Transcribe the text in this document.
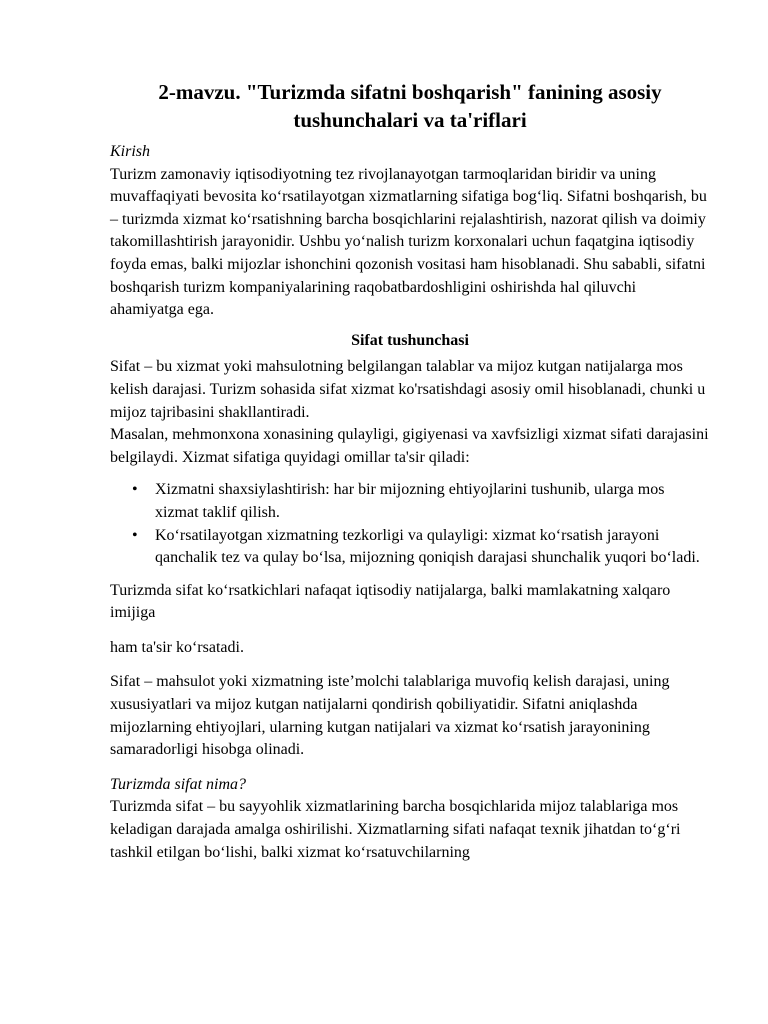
2-mavzu. "Turizmda sifatni boshqarish" fanining asosiy
tushunchalari va ta'riflari

Kirish

Turizm zamonaviy iqtisodiyotning tez rivojlanayotgan tarmoqlaridan biridir va uning muvaffaqiyati bevosita ko‘rsatilayotgan xizmatlarning sifatiga bog‘liq. Sifatni boshqarish, bu – turizmda xizmat ko‘rsatishning barcha bosqichlarini rejalashtirish, nazorat qilish va doimiy takomillashtirish jarayonidir. Ushbu yo‘nalish turizm korxonalari uchun faqatgina iqtisodiy foyda emas, balki mijozlar ishonchini qozonish vositasi ham hisoblanadi. Shu sababli, sifatni boshqarish turizm kompaniyalarining raqobatbardoshligini oshirishda hal qiluvchi ahamiyatga ega.

Sifat tushunchasi

Sifat – bu xizmat yoki mahsulotning belgilangan talablar va mijoz kutgan natijalarga mos kelish darajasi. Turizm sohasida sifat xizmat ko'rsatishdagi asosiy omil hisoblanadi, chunki u mijoz tajribasini shakllantiradi.

Masalan, mehmonxona xonasining qulayligi, gigiyenasi va xavfsizligi xizmat sifati darajasini belgilaydi. Xizmat sifatiga quyidagi omillar ta'sir qiladi:

• Xizmatni shaxsiylashtirish: har bir mijozning ehtiyojlarini tushunib, ularga mos xizmat taklif qilish.
• Ko‘rsatilayotgan xizmatning tezkorligi va qulayligi: xizmat ko‘rsatish jarayoni qanchalik tez va qulay bo‘lsa, mijozning qoniqish darajasi shunchalik yuqori bo‘ladi.

Turizmda sifat ko‘rsatkichlari nafaqat iqtisodiy natijalarga, balki mamlakatning xalqaro imijiga

ham ta'sir ko‘rsatadi.

Sifat – mahsulot yoki xizmatning iste’molchi talablariga muvofiq kelish darajasi, uning xususiyatlari va mijoz kutgan natijalarni qondirish qobiliyatidir. Sifatni aniqlashda mijozlarning ehtiyojlari, ularning kutgan natijalari va xizmat ko‘rsatish jarayonining samaradorligi hisobga olinadi.

Turizmda sifat nima?

Turizmda sifat – bu sayyohlik xizmatlarining barcha bosqichlarida mijoz talablariga mos keladigan darajada amalga oshirilishi. Xizmatlarning sifati nafaqat texnik jihatdan to‘g‘ri tashkil etilgan bo‘lishi, balki xizmat ko‘rsatuvchilarning
